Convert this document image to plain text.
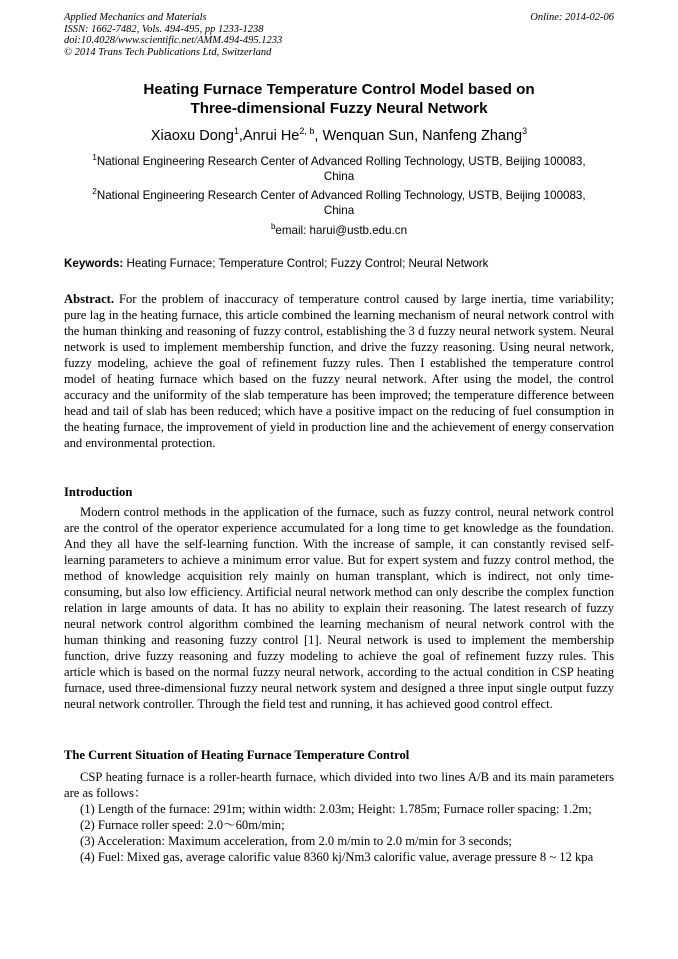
Applied Mechanics and Materials
ISSN: 1662-7482, Vols. 494-495, pp 1233-1238
doi:10.4028/www.scientific.net/AMM.494-495.1233
© 2014 Trans Tech Publications Ltd, Switzerland
Online: 2014-02-06
Heating Furnace Temperature Control Model based on
Three-dimensional Fuzzy Neural Network
Xiaoxu Dong$^1$,Anrui He$^{2, b}$, Wenquan Sun, Nanfeng Zhang$^3$
$^1$National Engineering Research Center of Advanced Rolling Technology, USTB, Beijing 100083,
China
$^2$National Engineering Research Center of Advanced Rolling Technology, USTB, Beijing 100083,
China
$^b$email: harui@ustb.edu.cn
Keywords: Heating Furnace; Temperature Control; Fuzzy Control; Neural Network
Abstract. For the problem of inaccuracy of temperature control caused by large inertia, time variability; pure lag in the heating furnace, this article combined the learning mechanism of neural network control with the human thinking and reasoning of fuzzy control, establishing the 3 d fuzzy neural network system. Neural network is used to implement membership function, and drive the fuzzy reasoning. Using neural network, fuzzy modeling, achieve the goal of refinement fuzzy rules. Then I established the temperature control model of heating furnace which based on the fuzzy neural network. After using the model, the control accuracy and the uniformity of the slab temperature has been improved; the temperature difference between head and tail of slab has been reduced; which have a positive impact on the reducing of fuel consumption in the heating furnace, the improvement of yield in production line and the achievement of energy conservation and environmental protection.
Introduction
Modern control methods in the application of the furnace, such as fuzzy control, neural network control are the control of the operator experience accumulated for a long time to get knowledge as the foundation. And they all have the self-learning function. With the increase of sample, it can constantly revised self-learning parameters to achieve a minimum error value. But for expert system and fuzzy control method, the method of knowledge acquisition rely mainly on human transplant, which is indirect, not only time-consuming, but also low efficiency. Artificial neural network method can only describe the complex function relation in large amounts of data. It has no ability to explain their reasoning. The latest research of fuzzy neural network control algorithm combined the learning mechanism of neural network control with the human thinking and reasoning fuzzy control [1]. Neural network is used to implement the membership function, drive fuzzy reasoning and fuzzy modeling to achieve the goal of refinement fuzzy rules. This article which is based on the normal fuzzy neural network, according to the actual condition in CSP heating furnace, used three-dimensional fuzzy neural network system and designed a three input single output fuzzy neural network controller. Through the field test and running, it has achieved good control effect.
The Current Situation of Heating Furnace Temperature Control

CSP heating furnace is a roller-hearth furnace, which divided into two lines A/B and its main parameters are as follows：

(1) Length of the furnace: 291m; within width: 2.03m; Height: 1.785m; Furnace roller spacing: 1.2m;

(2) Furnace roller speed: 2.0～60m/min;

(3) Acceleration: Maximum acceleration, from 2.0 m/min to 2.0 m/min for 3 seconds;

(4) Fuel: Mixed gas, average calorific value 8360 kj/Nm3 calorific value, average pressure 8 ~ 12 kpa
